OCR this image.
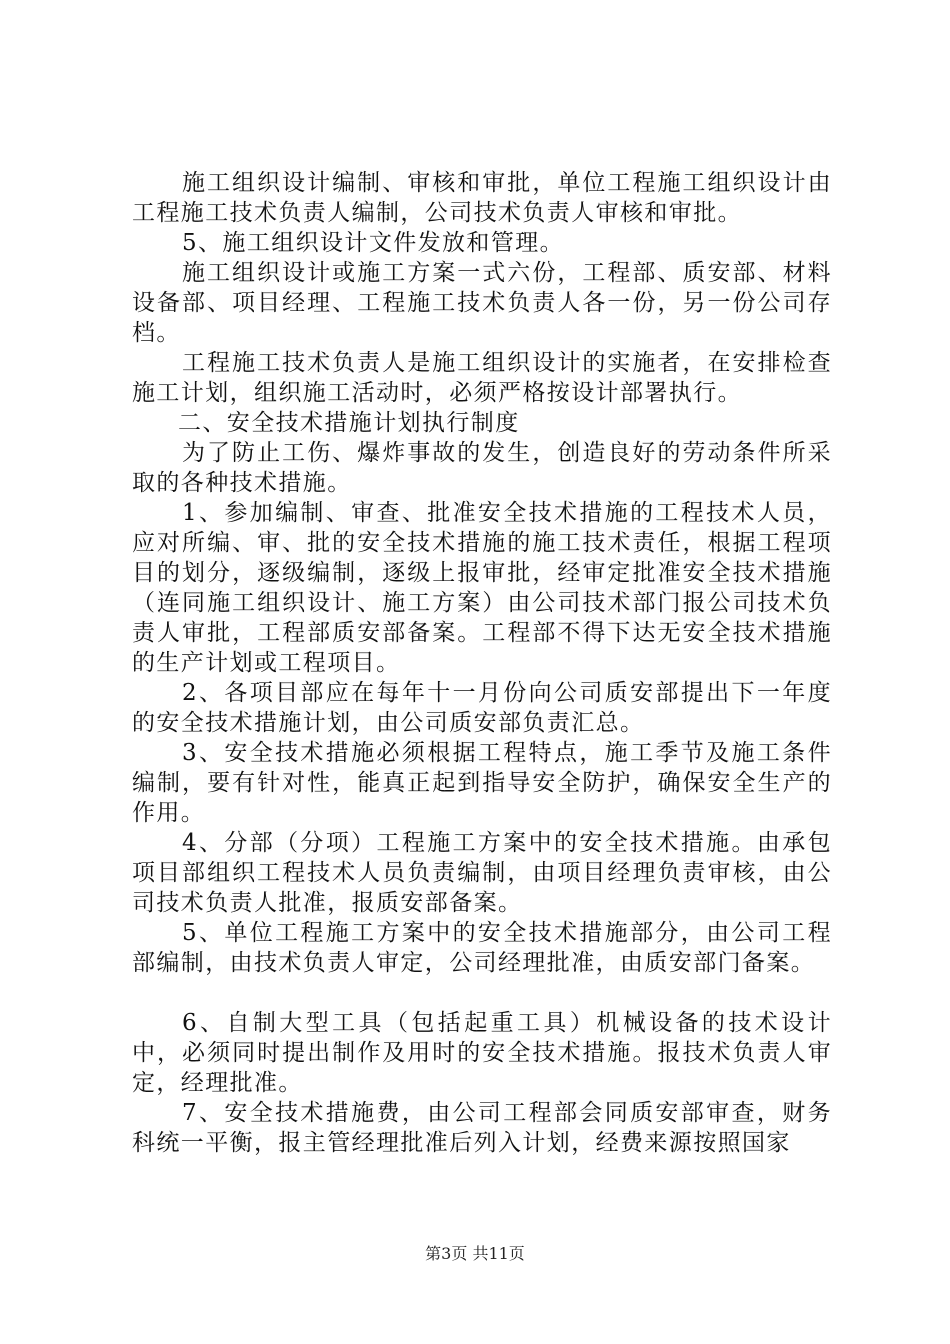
施工组织设计编制、审核和审批，单位工程施工组织设计由工程施工技术负责人编制，公司技术负责人审核和审批。

5、施工组织设计文件发放和管理。

施工组织设计或施工方案一式六份，工程部、质安部、材料设备部、项目经理、工程施工技术负责人各一份，另一份公司存档。

工程施工技术负责人是施工组织设计的实施者，在安排检查施工计划，组织施工活动时，必须严格按设计部署执行。

二、安全技术措施计划执行制度

为了防止工伤、爆炸事故的发生，创造良好的劳动条件所采取的各种技术措施。

1、参加编制、审查、批准安全技术措施的工程技术人员，应对所编、审、批的安全技术措施的施工技术责任，根据工程项目的划分，逐级编制，逐级上报审批，经审定批准安全技术措施（连同施工组织设计、施工方案）由公司技术部门报公司技术负责人审批，工程部质安部备案。工程部不得下达无安全技术措施的生产计划或工程项目。

2、各项目部应在每年十一月份向公司质安部提出下一年度的安全技术措施计划，由公司质安部负责汇总。

3、安全技术措施必须根据工程特点，施工季节及施工条件编制，要有针对性，能真正起到指导安全防护，确保安全生产的作用。

4、分部（分项）工程施工方案中的安全技术措施。由承包项目部组织工程技术人员负责编制，由项目经理负责审核，由公司技术负责人批准，报质安部备案。

5、单位工程施工方案中的安全技术措施部分，由公司工程部编制，由技术负责人审定，公司经理批准，由质安部门备案。

6、自制大型工具（包括起重工具）机械设备的技术设计中，必须同时提出制作及用时的安全技术措施。报技术负责人审定，经理批准。

7、安全技术措施费，由公司工程部会同质安部审查，财务科统一平衡，报主管经理批准后列入计划，经费来源按照国家

第3页 共11页
